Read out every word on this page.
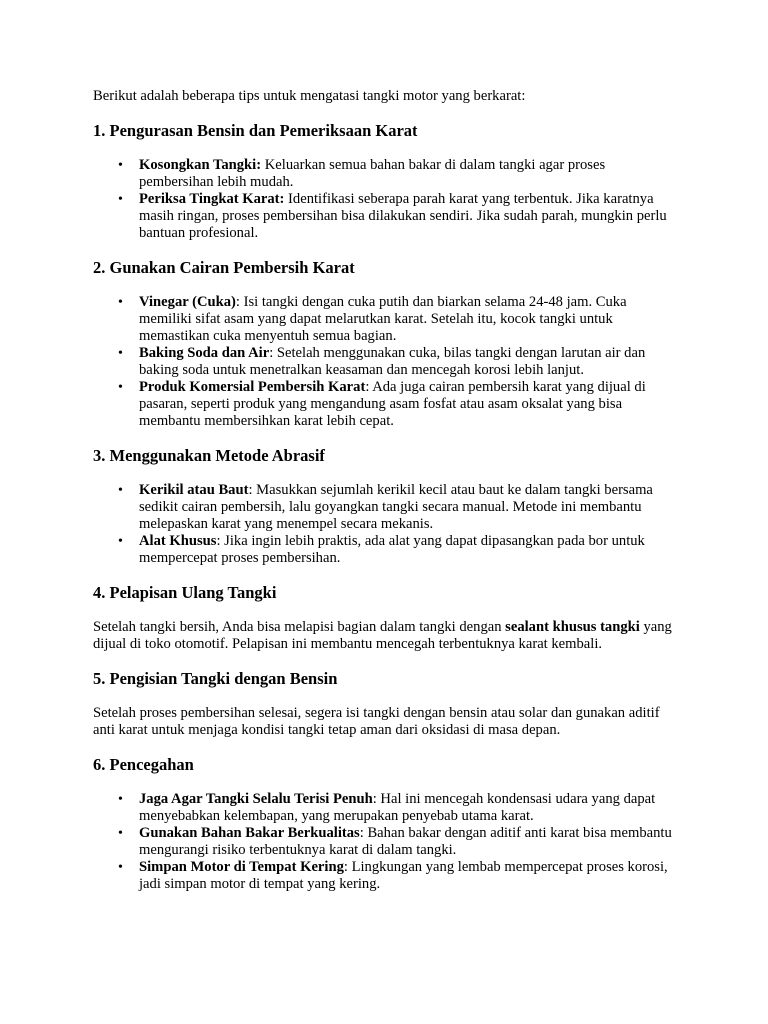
Berikut adalah beberapa tips untuk mengatasi tangki motor yang berkarat:

1. Pengurasan Bensin dan Pemeriksaan Karat
• Kosongkan Tangki: Keluarkan semua bahan bakar di dalam tangki agar proses pembersihan lebih mudah.
• Periksa Tingkat Karat: Identifikasi seberapa parah karat yang terbentuk. Jika karatnya masih ringan, proses pembersihan bisa dilakukan sendiri. Jika sudah parah, mungkin perlu bantuan profesional.
2. Gunakan Cairan Pembersih Karat
• Vinegar (Cuka): Isi tangki dengan cuka putih dan biarkan selama 24-48 jam. Cuka memiliki sifat asam yang dapat melarutkan karat. Setelah itu, kocok tangki untuk memastikan cuka menyentuh semua bagian.
• Baking Soda dan Air: Setelah menggunakan cuka, bilas tangki dengan larutan air dan baking soda untuk menetralkan keasaman dan mencegah korosi lebih lanjut.
• Produk Komersial Pembersih Karat: Ada juga cairan pembersih karat yang dijual di pasaran, seperti produk yang mengandung asam fosfat atau asam oksalat yang bisa membantu membersihkan karat lebih cepat.
3. Menggunakan Metode Abrasif
• Kerikil atau Baut: Masukkan sejumlah kerikil kecil atau baut ke dalam tangki bersama sedikit cairan pembersih, lalu goyangkan tangki secara manual. Metode ini membantu melepaskan karat yang menempel secara mekanis.
• Alat Khusus: Jika ingin lebih praktis, ada alat yang dapat dipasangkan pada bor untuk mempercepat proses pembersihan.
4. Pelapisan Ulang Tangki

Setelah tangki bersih, Anda bisa melapisi bagian dalam tangki dengan sealant khusus tangki yang dijual di toko otomotif. Pelapisan ini membantu mencegah terbentuknya karat kembali.

5. Pengisian Tangki dengan Bensin

Setelah proses pembersihan selesai, segera isi tangki dengan bensin atau solar dan gunakan aditif anti karat untuk menjaga kondisi tangki tetap aman dari oksidasi di masa depan.

6. Pencegahan
• Jaga Agar Tangki Selalu Terisi Penuh: Hal ini mencegah kondensasi udara yang dapat menyebabkan kelembapan, yang merupakan penyebab utama karat.
• Gunakan Bahan Bakar Berkualitas: Bahan bakar dengan aditif anti karat bisa membantu mengurangi risiko terbentuknya karat di dalam tangki.
• Simpan Motor di Tempat Kering: Lingkungan yang lembab mempercepat proses korosi, jadi simpan motor di tempat yang kering.
